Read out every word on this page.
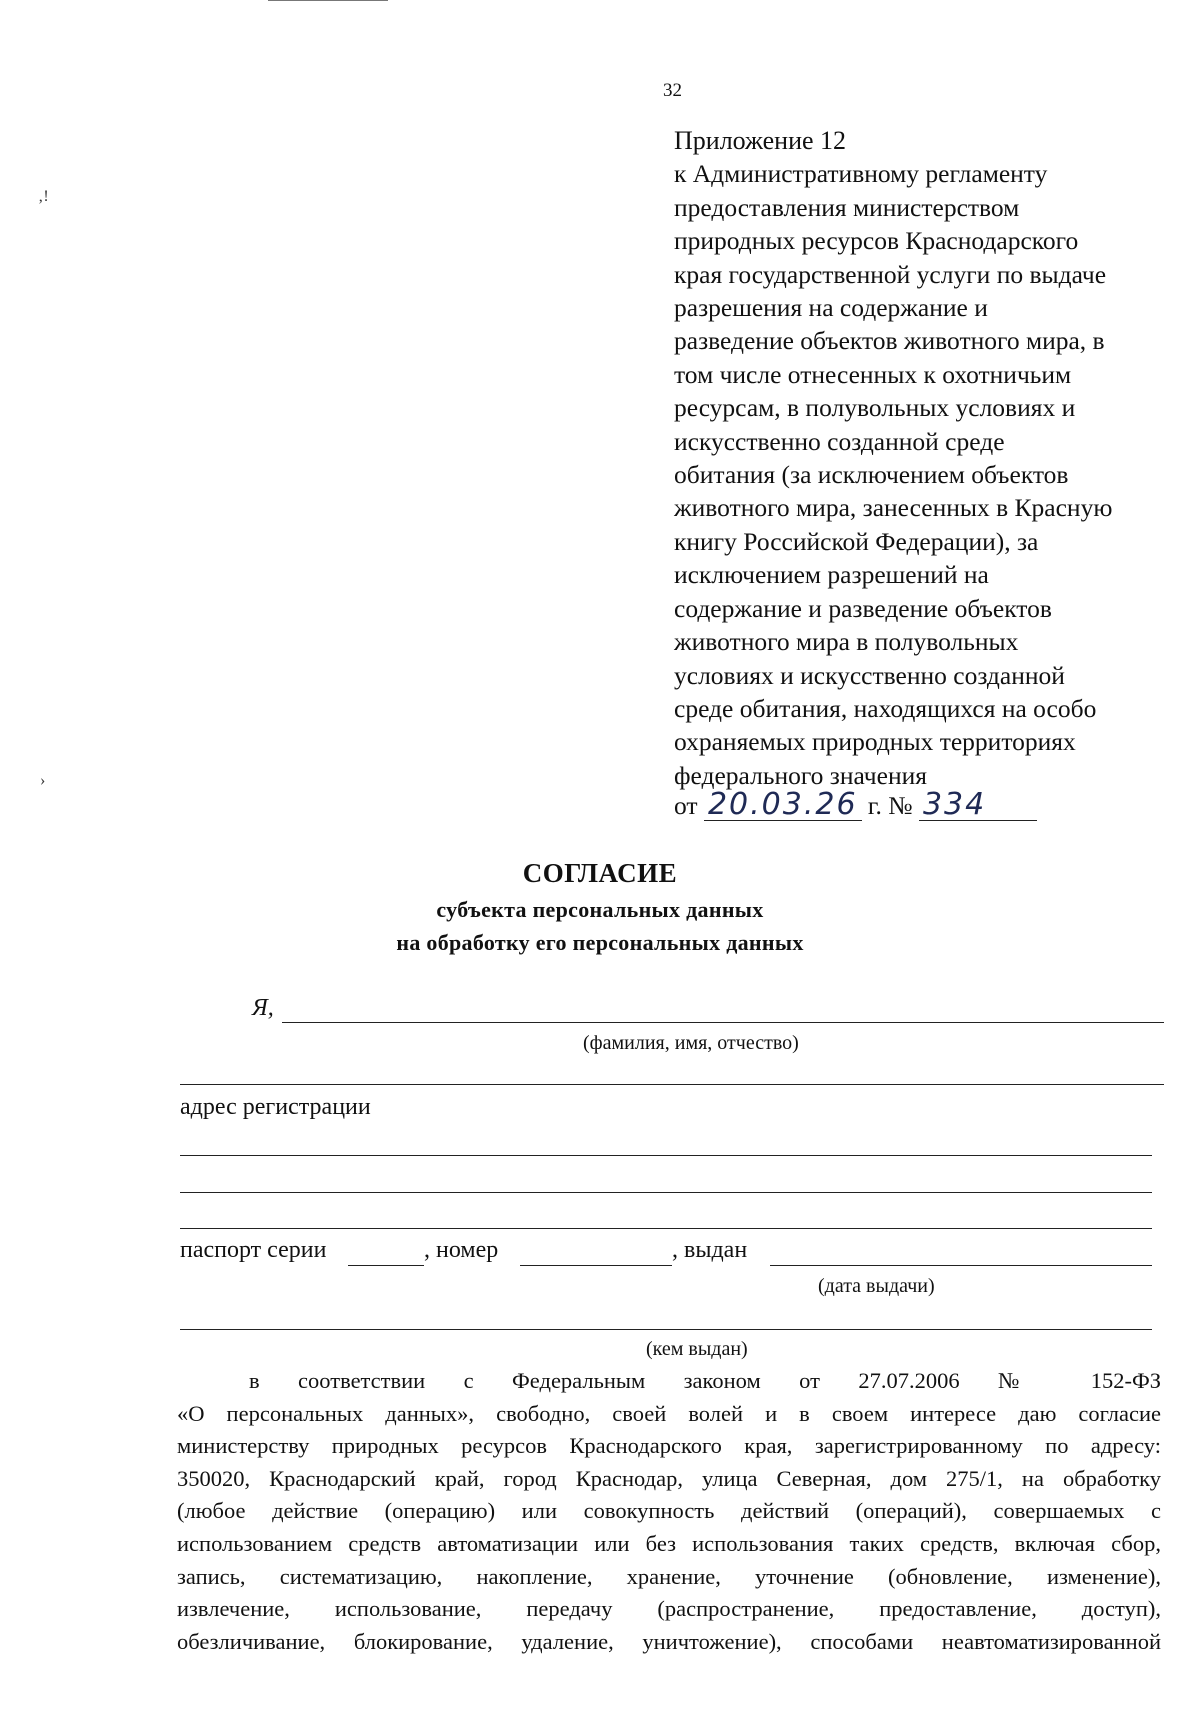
‚!
›
32
Приложение 12
к Административному регламенту
предоставления министерством
природных ресурсов Краснодарского
края государственной услуги по выдаче
разрешения на содержание и
разведение объектов животного мира, в
том числе отнесенных к охотничьим
ресурсам, в полувольных условиях и
искусственно созданной среде
обитания (за исключением объектов
животного мира, занесенных в Красную
книгу Российской Федерации), за
исключением разрешений на
содержание и разведение объектов
животного мира в полувольных
условиях и искусственно созданной
среде обитания, находящихся на особо
охраняемых природных территориях
федерального значения
от 20.03.26 г. № 334
СОГЛАСИЕ
субъекта персональных данных
на обработку его персональных данных
Я,
(фамилия, имя, отчество)
адрес регистрации
паспорт серии	, номер	, выдан
(дата выдачи)
(кем выдан)
в соответствии с Федеральным законом от 27.07.2006 № 152-ФЗ
«О персональных данных», свободно, своей волей и в своем интересе даю согласие
министерству природных ресурсов Краснодарского края, зарегистрированному по адресу:
350020, Краснодарский край, город Краснодар, улица Северная, дом 275/1, на обработку
(любое действие (операцию) или совокупность действий (операций), совершаемых с
использованием средств автоматизации или без использования таких средств, включая сбор,
запись, систематизацию, накопление, хранение, уточнение (обновление, изменение),
извлечение, использование, передачу (распространение, предоставление, доступ),
обезличивание, блокирование, удаление, уничтожение), способами неавтоматизированной
